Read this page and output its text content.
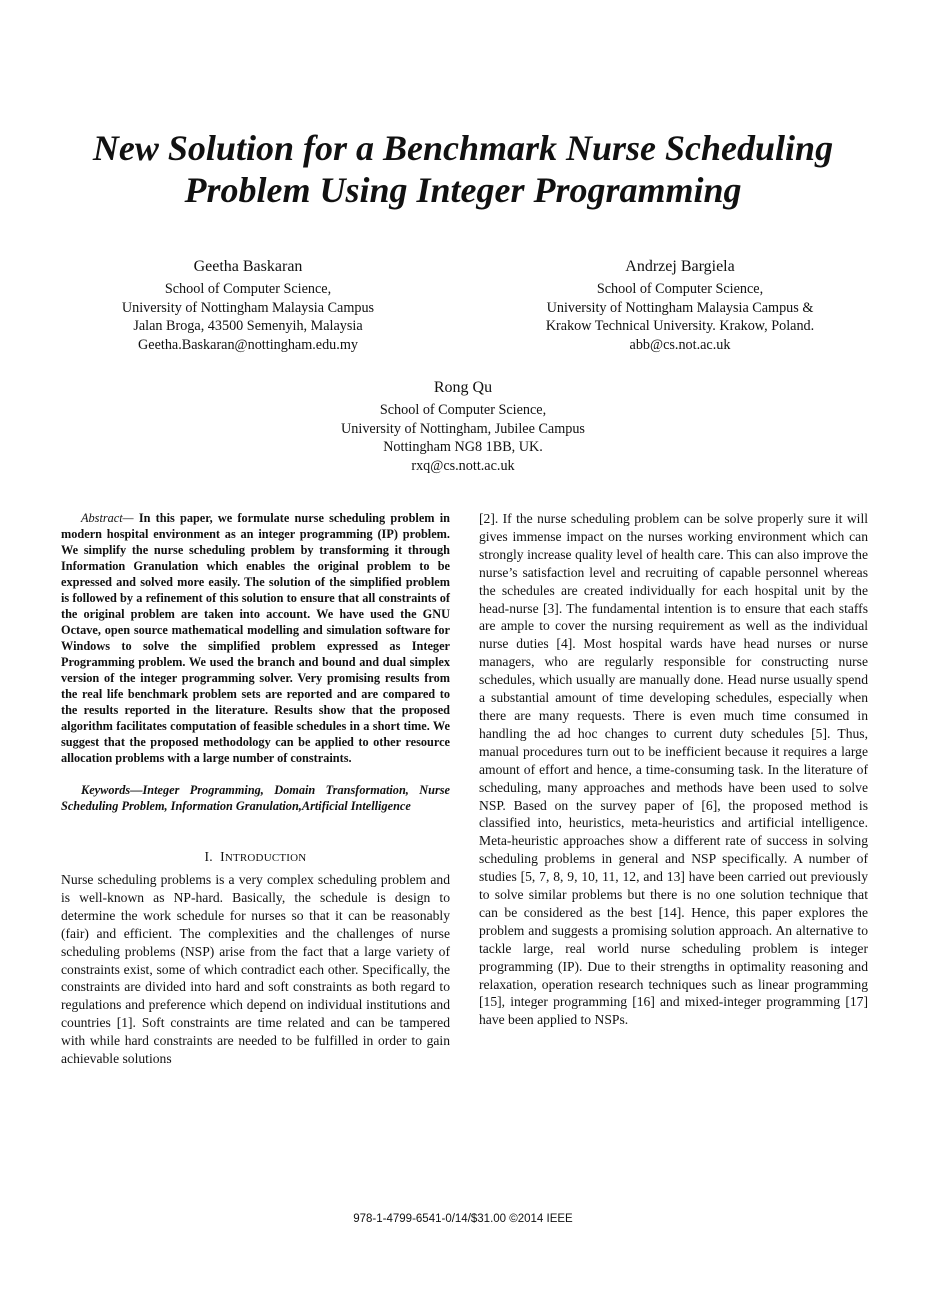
New Solution for a Benchmark Nurse Scheduling
Problem Using Integer Programming
Geetha Baskaran
School of Computer Science,
University of Nottingham Malaysia Campus
Jalan Broga, 43500 Semenyih, Malaysia
Geetha.Baskaran@nottingham.edu.my
Andrzej Bargiela
School of Computer Science,
University of Nottingham Malaysia Campus &
Krakow Technical University. Krakow, Poland.
abb@cs.not.ac.uk
Rong Qu
School of Computer Science,
University of Nottingham, Jubilee Campus
Nottingham NG8 1BB, UK.
rxq@cs.nott.ac.uk

Abstract— In this paper, we formulate nurse scheduling problem in modern hospital environment as an integer programming (IP) problem. We simplify the nurse scheduling problem by transforming it through Information Granulation which enables the original problem to be expressed and solved more easily. The solution of the simplified problem is followed by a refinement of this solution to ensure that all constraints of the original problem are taken into account. We have used the GNU Octave, open source mathematical modelling and simulation software for Windows to solve the simplified problem expressed as Integer Programming problem. We used the branch and bound and dual simplex version of the integer programming solver. Very promising results from the real life benchmark problem sets are reported and are compared to the results reported in the literature. Results show that the proposed algorithm facilitates computation of feasible schedules in a short time. We suggest that the proposed methodology can be applied to other resource allocation problems with a large number of constraints.

Keywords—Integer Programming, Domain Transformation, Nurse Scheduling Problem, Information Granulation,Artificial Intelligence

I. INTRODUCTION

Nurse scheduling problems is a very complex scheduling problem and is well-known as NP-hard. Basically, the schedule is design to determine the work schedule for nurses so that it can be reasonably (fair) and efficient. The complexities and the challenges of nurse scheduling problems (NSP) arise from the fact that a large variety of constraints exist, some of which contradict each other. Specifically, the constraints are divided into hard and soft constraints as both regard to regulations and preference which depend on individual institutions and countries [1]. Soft constraints are time related and can be tampered with while hard constraints are needed to be fulfilled in order to gain achievable solutions

[2]. If the nurse scheduling problem can be solve properly sure it will gives immense impact on the nurses working environment which can strongly increase quality level of health care. This can also improve the nurse’s satisfaction level and recruiting of capable personnel whereas the schedules are created individually for each hospital unit by the head-nurse [3]. The fundamental intention is to ensure that each staffs are ample to cover the nursing requirement as well as the individual nurse duties [4]. Most hospital wards have head nurses or nurse managers, who are regularly responsible for constructing nurse schedules, which usually are manually done. Head nurse usually spend a substantial amount of time developing schedules, especially when there are many requests. There is even much time consumed in handling the ad hoc changes to current duty schedules [5]. Thus, manual procedures turn out to be inefficient because it requires a large amount of effort and hence, a time-consuming task. In the literature of scheduling, many approaches and methods have been used to solve NSP. Based on the survey paper of [6], the proposed method is classified into, heuristics, meta-heuristics and artificial intelligence. Meta-heuristic approaches show a different rate of success in solving scheduling problems in general and NSP specifically. A number of studies [5, 7, 8, 9, 10, 11, 12, and 13] have been carried out previously to solve similar problems but there is no one solution technique that can be considered as the best [14]. Hence, this paper explores the problem and suggests a promising solution approach. An alternative to tackle large, real world nurse scheduling problem is integer programming (IP). Due to their strengths in optimality reasoning and relaxation, operation research techniques such as linear programming [15], integer programming [16] and mixed-integer programming [17] have been applied to NSPs.

978-1-4799-6541-0/14/$31.00 ©2014 IEEE
